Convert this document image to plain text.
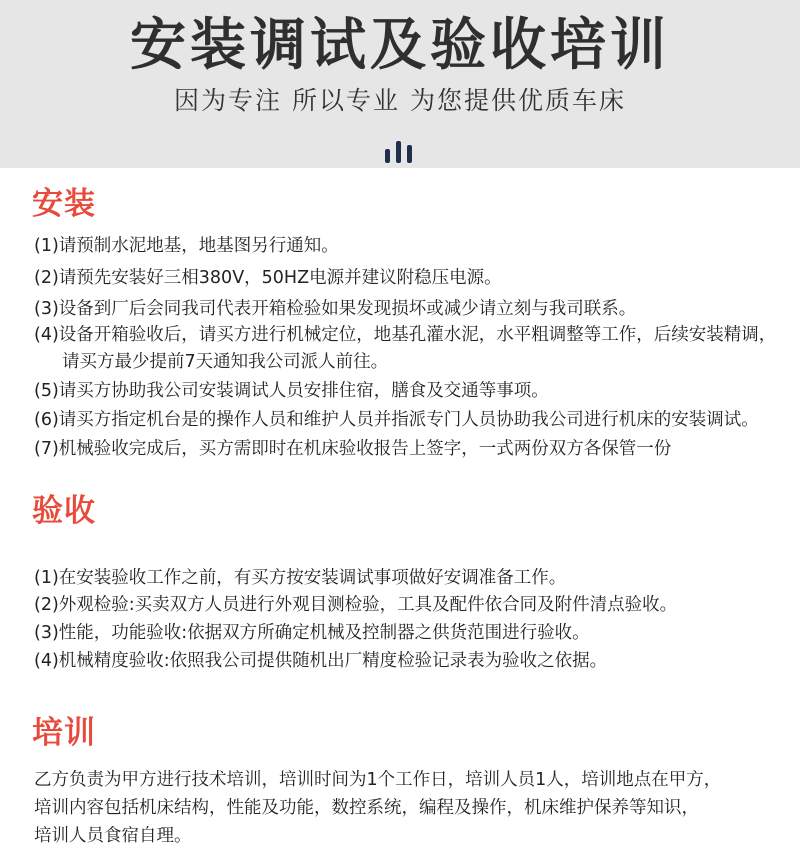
安装调试及验收培训
因为专注 所以专业 为您提供优质车床
安装
(1)请预制水泥地基，地基图另行通知。
(2)请预先安装好三相380V，50HZ电源并建议附稳压电源。
(3)设备到厂后会同我司代表开箱检验如果发现损坏或减少请立刻与我司联系。
(4)设备开箱验收后，请买方进行机械定位，地基孔灌水泥，水平粗调整等工作，后续安装精调，
请买方最少提前7天通知我公司派人前往。
(5)请买方协助我公司安装调试人员安排住宿，膳食及交通等事项。
(6)请买方指定机台是的操作人员和维护人员并指派专门人员协助我公司进行机床的安装调试。
(7)机械验收完成后，买方需即时在机床验收报告上签字，一式两份双方各保管一份
验收
(1)在安装验收工作之前，有买方按安装调试事项做好安调准备工作。
(2)外观检验:买卖双方人员进行外观目测检验，工具及配件依合同及附件清点验收。
(3)性能，功能验收:依据双方所确定机械及控制器之供货范围进行验收。
(4)机械精度验收:依照我公司提供随机出厂精度检验记录表为验收之依据。
培训
乙方负责为甲方进行技术培训，培训时间为1个工作日，培训人员1人，培训地点在甲方，
培训内容包括机床结构，性能及功能，数控系统，编程及操作，机床维护保养等知识，
培训人员食宿自理。
